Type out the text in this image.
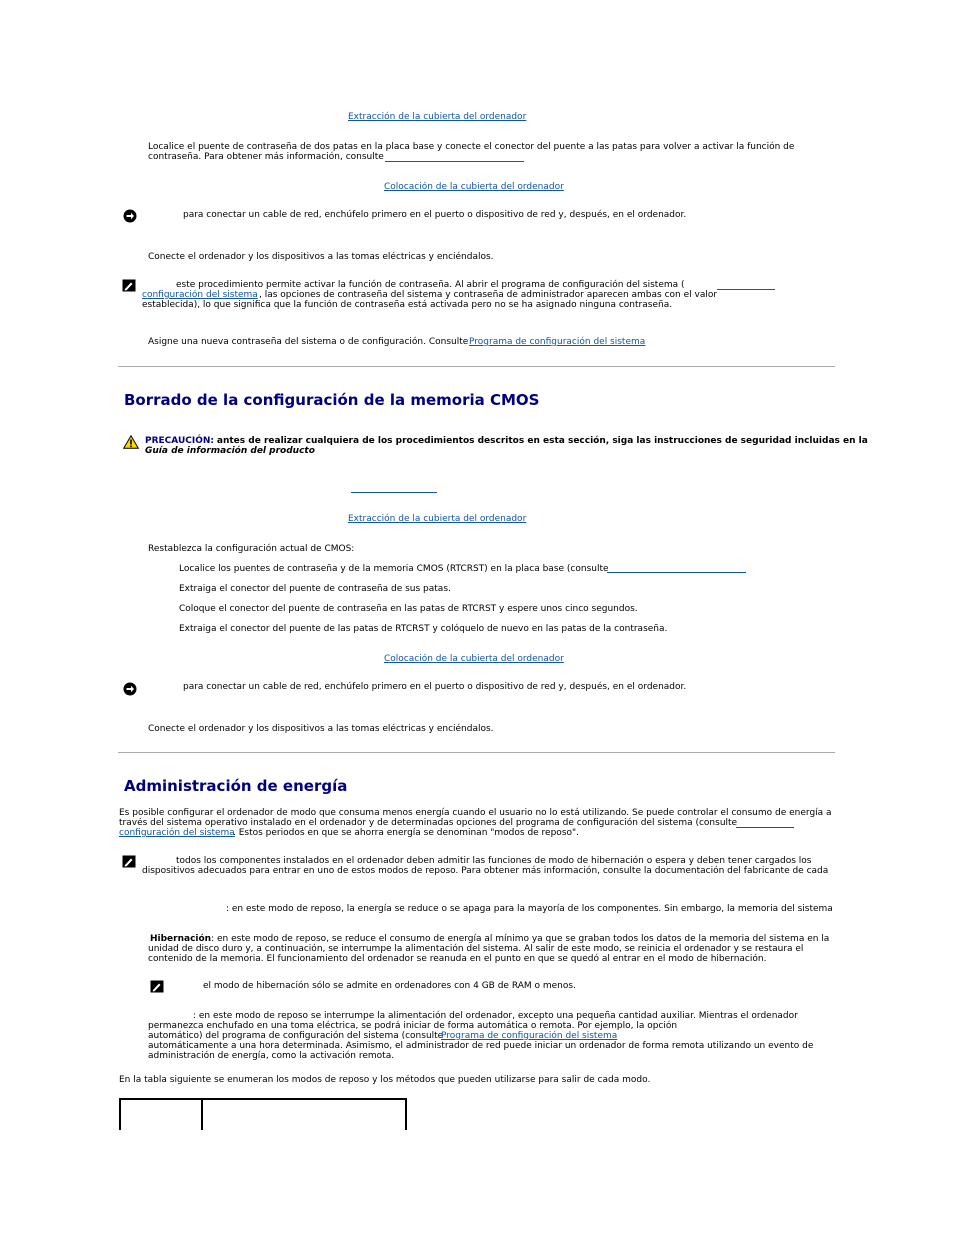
Extracción de la cubierta del ordenador
Localice el puente de contraseña de dos patas en la placa base y conecte el conector del puente a las patas para volver a activar la función de
contraseña. Para obtener más información, consulte
Colocación de la cubierta del ordenador
para conectar un cable de red, enchúfelo primero en el puerto o dispositivo de red y, después, en el ordenador.
Conecte el ordenador y los dispositivos a las tomas eléctricas y enciéndalos.
este procedimiento permite activar la función de contraseña. Al abrir el programa de configuración del sistema (
configuración del sistema , las opciones de contraseña del sistema y contraseña de administrador aparecen ambas con el valor
establecida), lo que significa que la función de contraseña está activada pero no se ha asignado ninguna contraseña.
Asigne una nueva contraseña del sistema o de configuración. Consulte Programa de configuración del sistema
Borrado de la configuración de la memoria CMOS
PRECAUCIÓN: antes de realizar cualquiera de los procedimientos descritos en esta sección, siga las instrucciones de seguridad incluidas en la
Guía de información del producto
Extracción de la cubierta del ordenador
Restablezca la configuración actual de CMOS:
Localice los puentes de contraseña y de la memoria CMOS (RTCRST) en la placa base (consulte
Extraiga el conector del puente de contraseña de sus patas.
Coloque el conector del puente de contraseña en las patas de RTCRST y espere unos cinco segundos.
Extraiga el conector del puente de las patas de RTCRST y colóquelo de nuevo en las patas de la contraseña.
Colocación de la cubierta del ordenador
para conectar un cable de red, enchúfelo primero en el puerto o dispositivo de red y, después, en el ordenador.
Conecte el ordenador y los dispositivos a las tomas eléctricas y enciéndalos.
Administración de energía
Es posible configurar el ordenador de modo que consuma menos energía cuando el usuario no lo está utilizando. Se puede controlar el consumo de energía a
través del sistema operativo instalado en el ordenador y de determinadas opciones del programa de configuración del sistema (consulte
configuración del sistema
. Estos periodos en que se ahorra energía se denominan "modos de reposo".
todos los componentes instalados en el ordenador deben admitir las funciones de modo de hibernación o espera y deben tener cargados los
dispositivos adecuados para entrar en uno de estos modos de reposo. Para obtener más información, consulte la documentación del fabricante de cada
: en este modo de reposo, la energía se reduce o se apaga para la mayoría de los componentes. Sin embargo, la memoria del sistema
Hibernación: en este modo de reposo, se reduce el consumo de energía al mínimo ya que se graban todos los datos de la memoria del sistema en la
unidad de disco duro y, a continuación, se interrumpe la alimentación del sistema. Al salir de este modo, se reinicia el ordenador y se restaura el
contenido de la memoria. El funcionamiento del ordenador se reanuda en el punto en que se quedó al entrar en el modo de hibernación.
el modo de hibernación sólo se admite en ordenadores con 4 GB de RAM o menos.
: en este modo de reposo se interrumpe la alimentación del ordenador, excepto una pequeña cantidad auxiliar. Mientras el ordenador
permanezca enchufado en una toma eléctrica, se podrá iniciar de forma automática o remota. Por ejemplo, la opción
automático) del programa de configuración del sistema (consulte
Programa de configuración del sistema
automáticamente a una hora determinada. Asimismo, el administrador de red puede iniciar un ordenador de forma remota utilizando un evento de
administración de energía, como la activación remota.
En la tabla siguiente se enumeran los modos de reposo y los métodos que pueden utilizarse para salir de cada modo.
